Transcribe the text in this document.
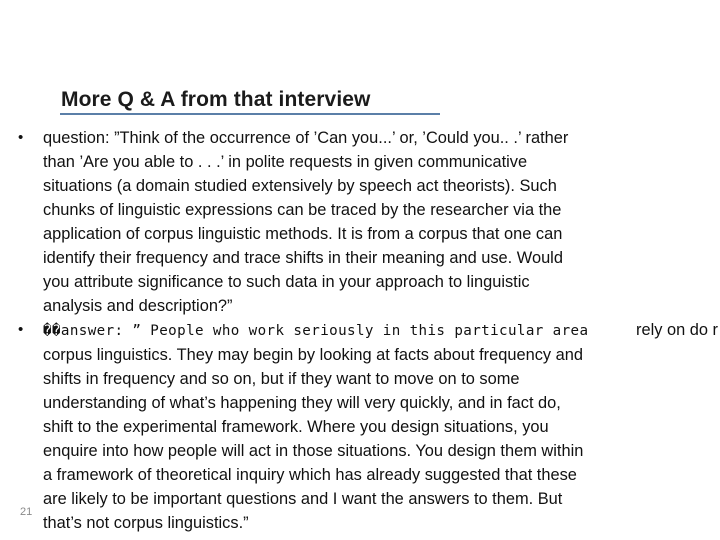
More Q & A from that interview
•	question: ”Think of the occurrence of ’Can you...’ or, ’Could you.. .’ rather
than ’Are you able to . . .’ in polite requests in given communicative
situations (a domain studied extensively by speech act theorists). Such
chunks of linguistic expressions can be traced by the researcher via the
application of corpus linguistic methods. It is from a corpus that one can
identify their frequency and trace shifts in their meaning and use. Would
you attribute significance to such data in your approach to linguistic
analysis and description?”
•	��answer: ” People who work seriously in this particular area	rely on do r
corpus linguistics. They may begin by looking at facts about frequency and
shifts in frequency and so on, but if they want to move on to some
understanding of what’s happening they will very quickly, and in fact do,
shift to the experimental framework. Where you design situations, you
enquire into how people will act in those situations. You design them within
a framework of theoretical inquiry which has already suggested that these
are likely to be important questions and I want the answers to them. But
that’s not corpus linguistics.”
21
